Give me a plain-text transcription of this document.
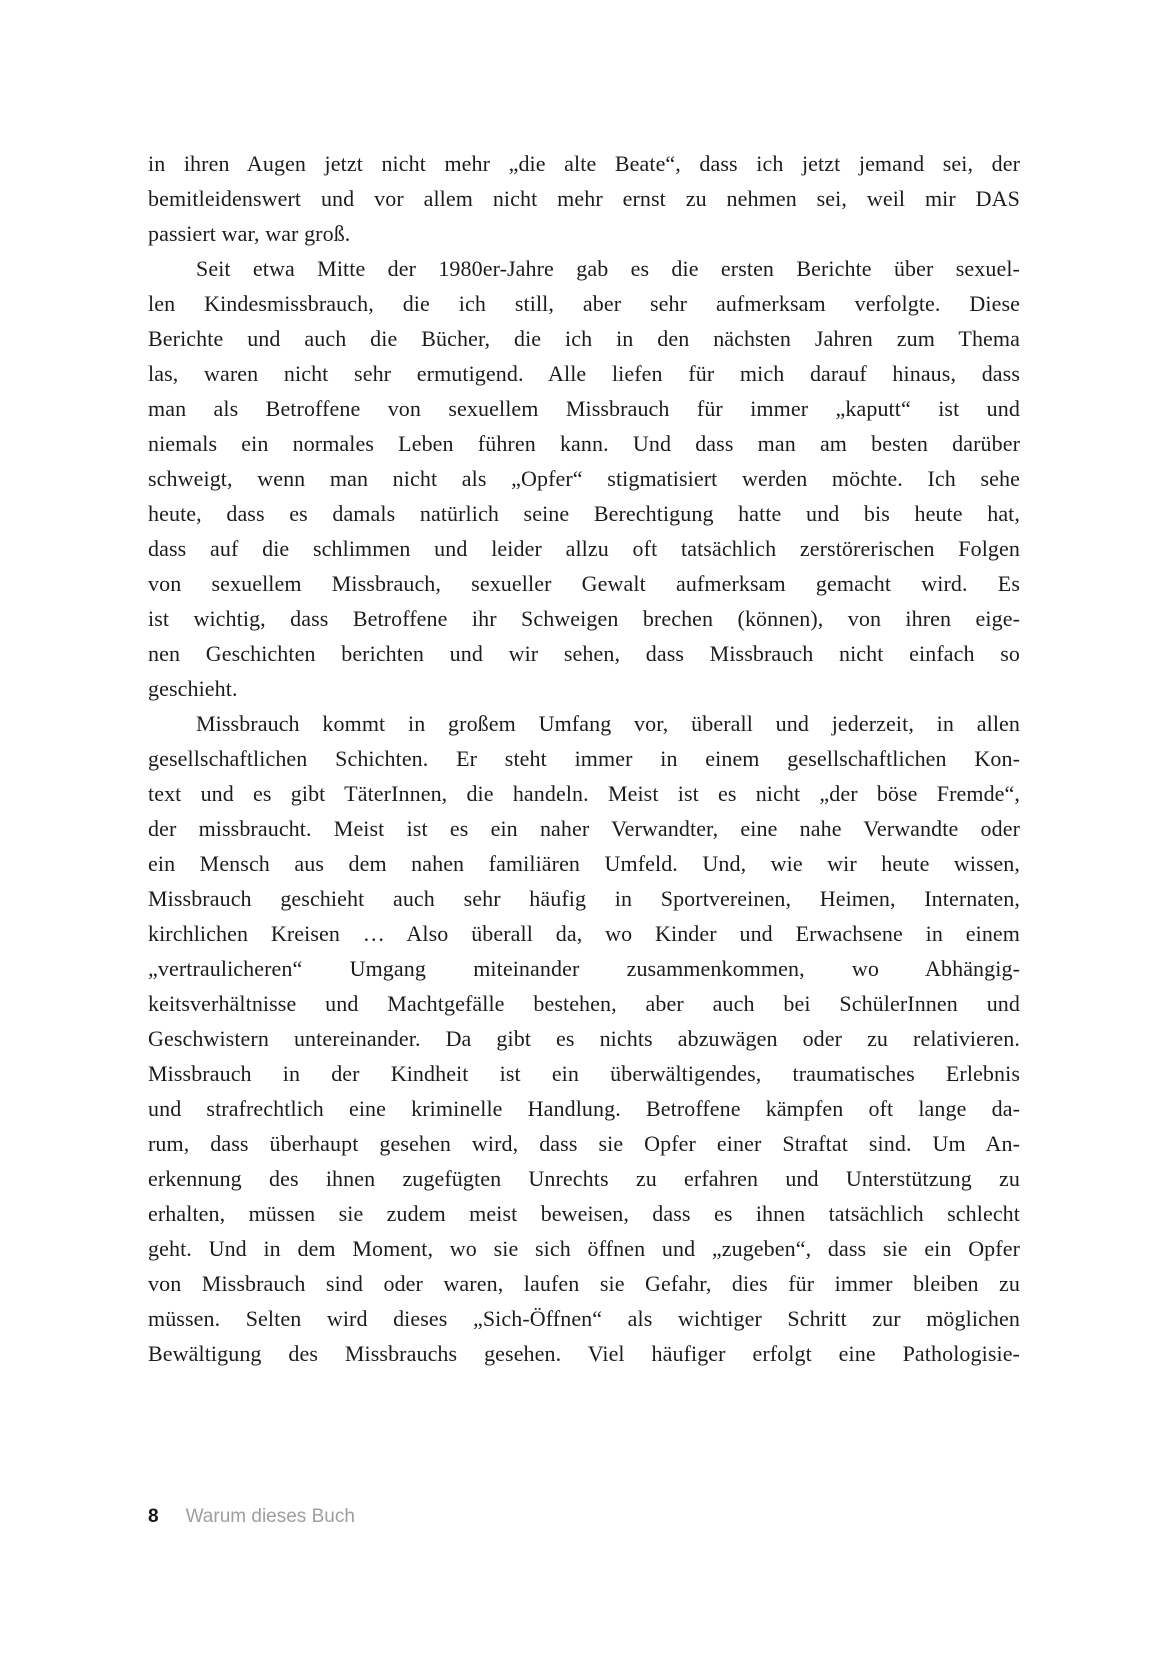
in ihren Augen jetzt nicht mehr „die alte Beate“, dass ich jetzt jemand sei, der
bemitleidenswert und vor allem nicht mehr ernst zu nehmen sei, weil mir DAS
passiert war, war groß.

Seit etwa Mitte der 1980er-Jahre gab es die ersten Berichte über sexuel-
len Kindesmissbrauch, die ich still, aber sehr aufmerksam verfolgte. Diese
Berichte und auch die Bücher, die ich in den nächsten Jahren zum Thema
las, waren nicht sehr ermutigend. Alle liefen für mich darauf hinaus, dass
man als Betroffene von sexuellem Missbrauch für immer „kaputt“ ist und
niemals ein normales Leben führen kann. Und dass man am besten darüber
schweigt, wenn man nicht als „Opfer“ stigmatisiert werden möchte. Ich sehe
heute, dass es damals natürlich seine Berechtigung hatte und bis heute hat,
dass auf die schlimmen und leider allzu oft tatsächlich zerstörerischen Folgen
von sexuellem Missbrauch, sexueller Gewalt aufmerksam gemacht wird. Es
ist wichtig, dass Betroffene ihr Schweigen brechen (können), von ihren eige-
nen Geschichten berichten und wir sehen, dass Missbrauch nicht einfach so
geschieht.

Missbrauch kommt in großem Umfang vor, überall und jederzeit, in allen
gesellschaftlichen Schichten. Er steht immer in einem gesellschaftlichen Kon-
text und es gibt TäterInnen, die handeln. Meist ist es nicht „der böse Fremde“,
der missbraucht. Meist ist es ein naher Verwandter, eine nahe Verwandte oder
ein Mensch aus dem nahen familiären Umfeld. Und, wie wir heute wissen,
Missbrauch geschieht auch sehr häufig in Sportvereinen, Heimen, Internaten,
kirchlichen Kreisen … Also überall da, wo Kinder und Erwachsene in einem
„vertraulicheren“ Umgang miteinander zusammenkommen, wo Abhängig-
keitsverhältnisse und Machtgefälle bestehen, aber auch bei SchülerInnen und
Geschwistern untereinander. Da gibt es nichts abzuwägen oder zu relativieren.
Missbrauch in der Kindheit ist ein überwältigendes, traumatisches Erlebnis
und strafrechtlich eine kriminelle Handlung. Betroffene kämpfen oft lange da-
rum, dass überhaupt gesehen wird, dass sie Opfer einer Straftat sind. Um An-
erkennung des ihnen zugefügten Unrechts zu erfahren und Unterstützung zu
erhalten, müssen sie zudem meist beweisen, dass es ihnen tatsächlich schlecht
geht. Und in dem Moment, wo sie sich öffnen und „zugeben“, dass sie ein Opfer
von Missbrauch sind oder waren, laufen sie Gefahr, dies für immer bleiben zu
müssen. Selten wird dieses „Sich-Öffnen“ als wichtiger Schritt zur möglichen
Bewältigung des Missbrauchs gesehen. Viel häufiger erfolgt eine Pathologisie-

8 Warum dieses Buch
